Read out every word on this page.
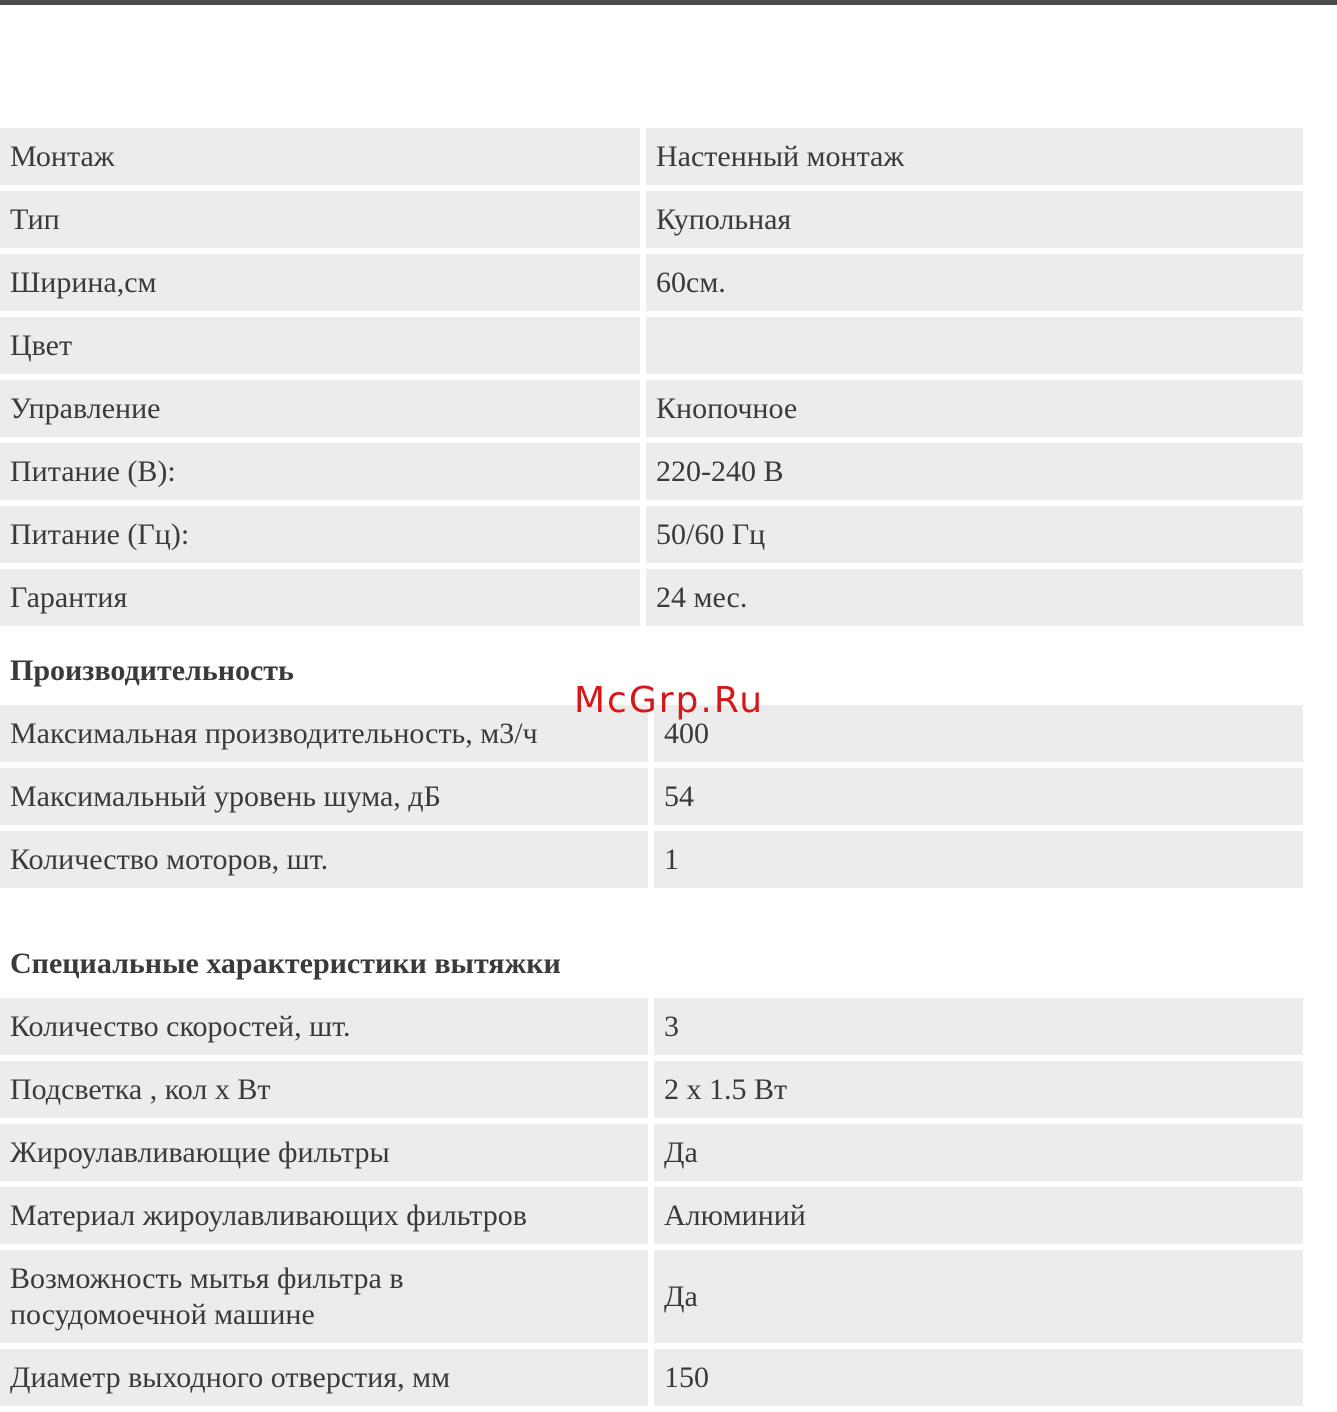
Монтаж	Настенный монтаж
Тип	Купольная
Ширина,см	60см.
Цвет	
Управление	Кнопочное
Питание (В):	220-240 В
Питание (Гц):	50/60 Гц
Гарантия	24 мес.
Производительность
Максимальная производительность, м3/ч	400
Максимальный уровень шума, дБ	54
Количество моторов, шт.	1
Специальные характеристики вытяжки
Количество скоростей, шт.	3
Подсветка , кол x Вт	2 x 1.5 Вт
Жироулавливающие фильтры	Да
Материал жироулавливающих фильтров	Алюминий
Возможность мытья фильтра в посудомоечной машине	Да
Диаметр выходного отверстия, мм	150
McGrp.Ru
